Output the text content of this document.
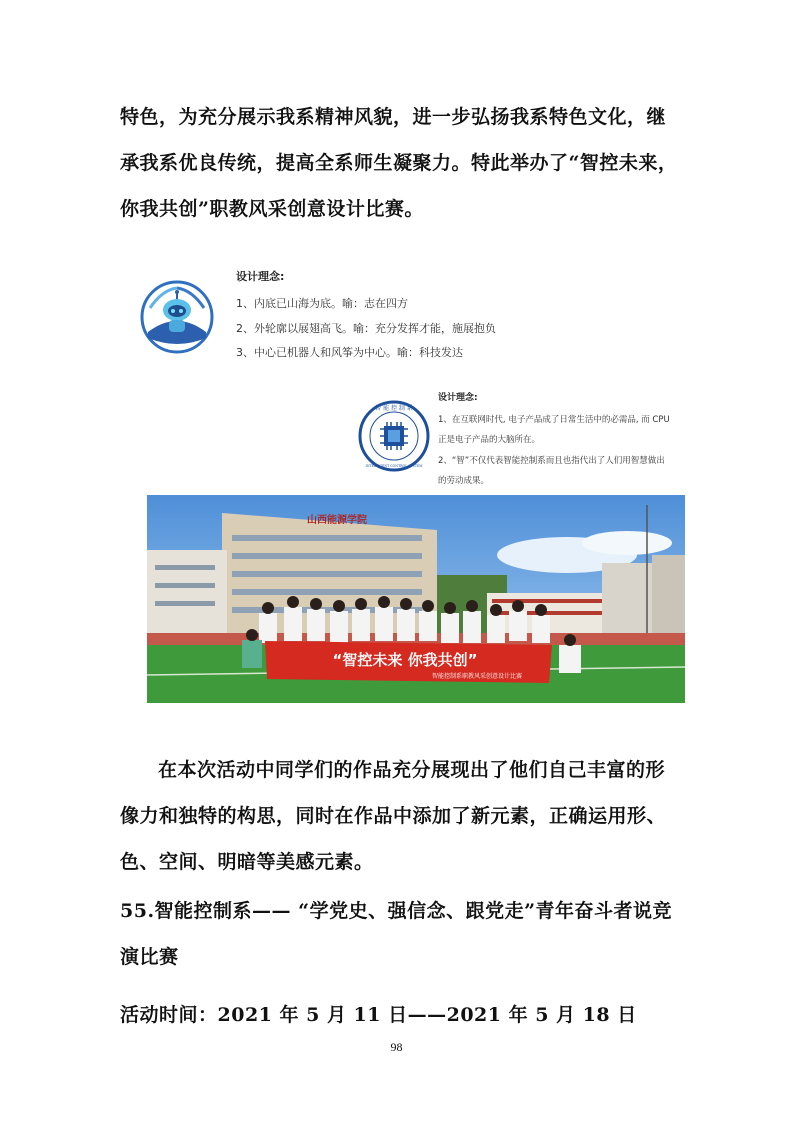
特色，为充分展示我系精神风貌，进一步弘扬我系特色文化，继承我系优良传统，提高全系师生凝聚力。特此举办了“智控未来，你我共创”职教风采创意设计比赛。

设计理念:
1、内底已山海为底。喻：志在四方
2、外轮廓以展翅高飞。喻：充分发挥才能，施展抱负
3、中心已机器人和风筝为中心。喻：科技发达
智 能 控 制 系
INTELLIGENT CONTROL SYSTEM
设计理念:
1、在互联网时代, 电子产品成了日常生活中的必需品, 而 CPU
正是电子产品的大脑所在。
2、“智”不仅代表智能控制系而且也指代出了人们用智慧做出
的劳动成果。
山西能源学院
“智控未来 你我共创”
智能控制系职教风采创意设计比赛

在本次活动中同学们的作品充分展现出了他们自己丰富的形像力和独特的构思，同时在作品中添加了新元素，正确运用形、色、空间、明暗等美感元素。

55.智能控制系—— “学党史、强信念、跟党走”青年奋斗者说竞演比赛

活动时间：2021 年 5 月 11 日——2021 年 5 月 18 日

98
